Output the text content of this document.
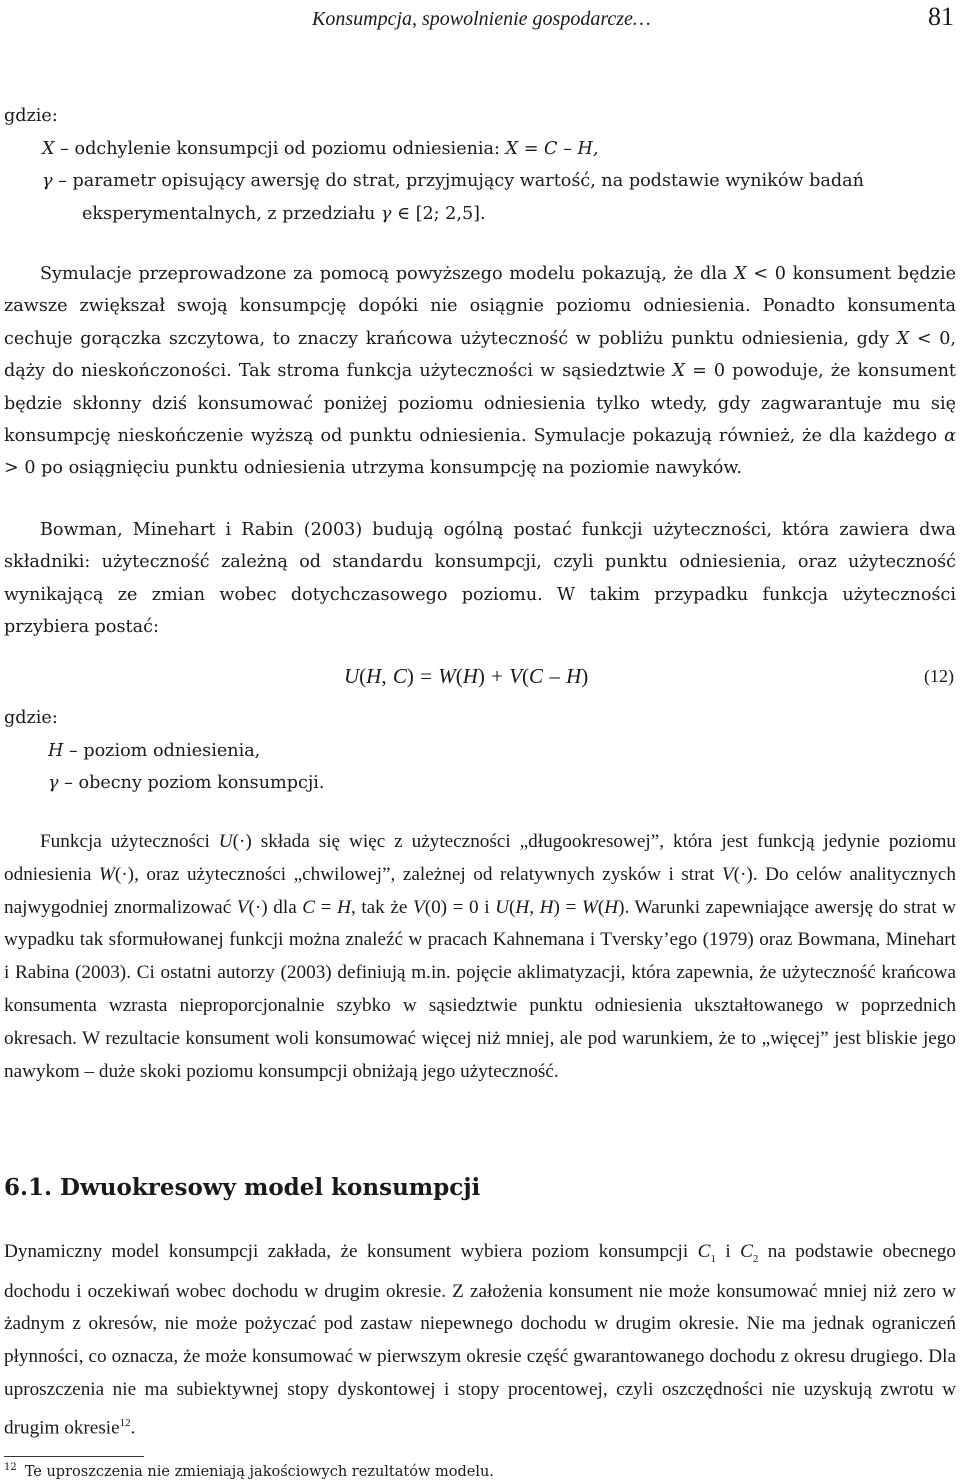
Konsumpcja, spowolnienie gospodarcze…	81
gdzie:
X – odchylenie konsumpcji od poziomu odniesienia: X = C – H,
γ – parametr opisujący awersję do strat, przyjmujący wartość, na podstawie wyników badań
eksperymentalnych, z przedziału γ ∈ [2; 2,5].

Symulacje przeprowadzone za pomocą powyższego modelu pokazują, że dla X < 0 konsument będzie zawsze zwiększał swoją konsumpcję dopóki nie osiągnie poziomu odniesienia. Ponadto konsumenta cechuje gorączka szczytowa, to znaczy krańcowa użyteczność w pobliżu punktu odniesienia, gdy X < 0, dąży do nieskończoności. Tak stroma funkcja użyteczności w sąsiedztwie X = 0 powoduje, że konsument będzie skłonny dziś konsumować poniżej poziomu odniesienia tylko wtedy, gdy zagwarantuje mu się konsumpcję nieskończenie wyższą od punktu odniesienia. Symulacje pokazują również, że dla każdego α > 0 po osiągnięciu punktu odniesienia utrzyma konsumpcję na poziomie nawyków.

Bowman, Minehart i Rabin (2003) budują ogólną postać funkcji użyteczności, która zawiera dwa składniki: użyteczność zależną od standardu konsumpcji, czyli punktu odniesienia, oraz użyteczność wynikającą ze zmian wobec dotychczasowego poziomu. W takim przypadku funkcja użyteczności przybiera postać:

U(H, C) = W(H) + V(C – H)	(12)
gdzie:
H – poziom odniesienia,
γ – obecny poziom konsumpcji.

Funkcja użyteczności U(·) składa się więc z użyteczności „długookresowej”, która jest funkcją jedynie poziomu odniesienia W(·), oraz użyteczności „chwilowej”, zależnej od relatywnych zysków i strat V(·). Do celów analitycznych najwygodniej znormalizować V(·) dla C = H, tak że V(0) = 0 i U(H, H) = W(H). Warunki zapewniające awersję do strat w wypadku tak sformułowanej funkcji można znaleźć w pracach Kahnemana i Tversky’ego (1979) oraz Bowmana, Minehart i Rabina (2003). Ci ostatni autorzy (2003) definiują m.in. pojęcie aklimatyzacji, która zapewnia, że użyteczność krańcowa konsumenta wzrasta nieproporcjonalnie szybko w sąsiedztwie punktu odniesienia ukształtowanego w poprzednich okresach. W rezultacie konsument woli konsumować więcej niż mniej, ale pod warunkiem, że to „więcej” jest bliskie jego nawykom – duże skoki poziomu konsumpcji obniżają jego użyteczność.

6.1. Dwuokresowy model konsumpcji

Dynamiczny model konsumpcji zakłada, że konsument wybiera poziom konsumpcji $C_1$ i $C_2$ na podstawie obecnego dochodu i oczekiwań wobec dochodu w drugim okresie. Z założenia konsument nie może konsumować mniej niż zero w żadnym z okresów, nie może pożyczać pod zastaw niepewnego dochodu w drugim okresie. Nie ma jednak ograniczeń płynności, co oznacza, że może konsumować w pierwszym okresie część gwarantowanego dochodu z okresu drugiego. Dla uproszczenia nie ma subiektywnej stopy dyskontowej i stopy procentowej, czyli oszczędności nie uzyskują zwrotu w drugim okresie$^{12}$.

$^{12}$ Te uproszczenia nie zmieniają jakościowych rezultatów modelu.
